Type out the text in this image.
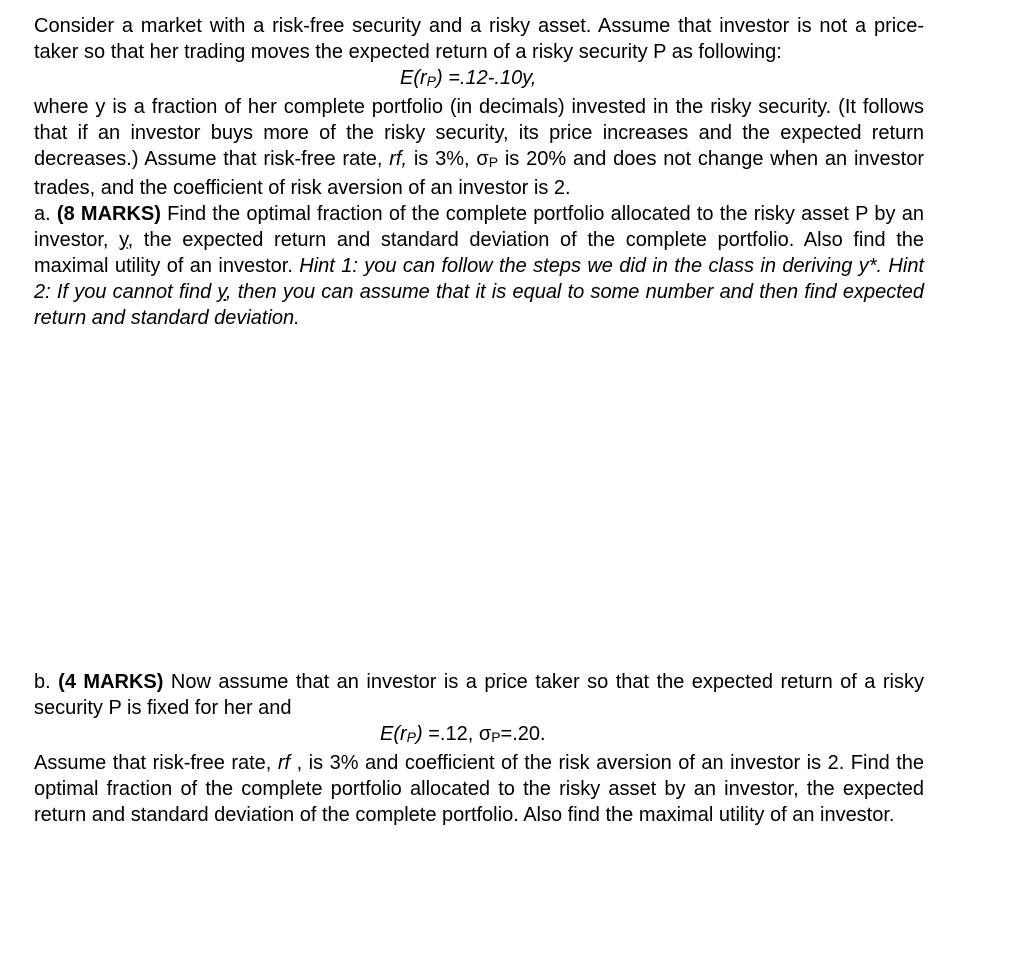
Consider a market with a risk-free security and a risky asset. Assume that investor is not a price-taker so that her trading moves the expected return of a risky security P as following:

E(rP) =.12-.10y,

where y is a fraction of her complete portfolio (in decimals) invested in the risky security. (It follows that if an investor buys more of the risky security, its price increases and the expected return decreases.) Assume that risk-free rate, rf, is 3%, σP is 20% and does not change when an investor trades, and the coefficient of risk aversion of an investor is 2.

a. (8 MARKS) Find the optimal fraction of the complete portfolio allocated to the risky asset P by an investor, y, the expected return and standard deviation of the complete portfolio. Also find the maximal utility of an investor. Hint 1: you can follow the steps we did in the class in deriving y*. Hint 2: If you cannot find y, then you can assume that it is equal to some number and then find expected return and standard deviation.

b. (4 MARKS) Now assume that an investor is a price taker so that the expected return of a risky security P is fixed for her and

E(rP) =.12, σP=.20.

Assume that risk-free rate, rf , is 3% and coefficient of the risk aversion of an investor is 2. Find the optimal fraction of the complete portfolio allocated to the risky asset by an investor, the expected return and standard deviation of the complete portfolio. Also find the maximal utility of an investor.
